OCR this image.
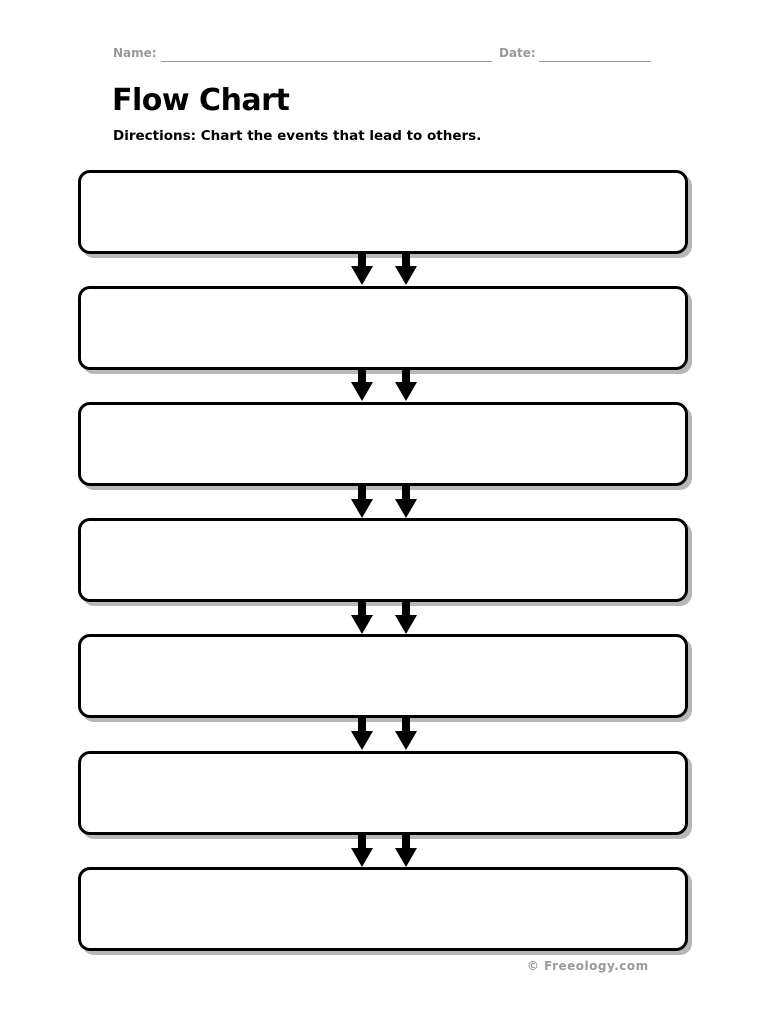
Name:	Date:
Flow Chart
Directions: Chart the events that lead to others.
© Freeology.com
